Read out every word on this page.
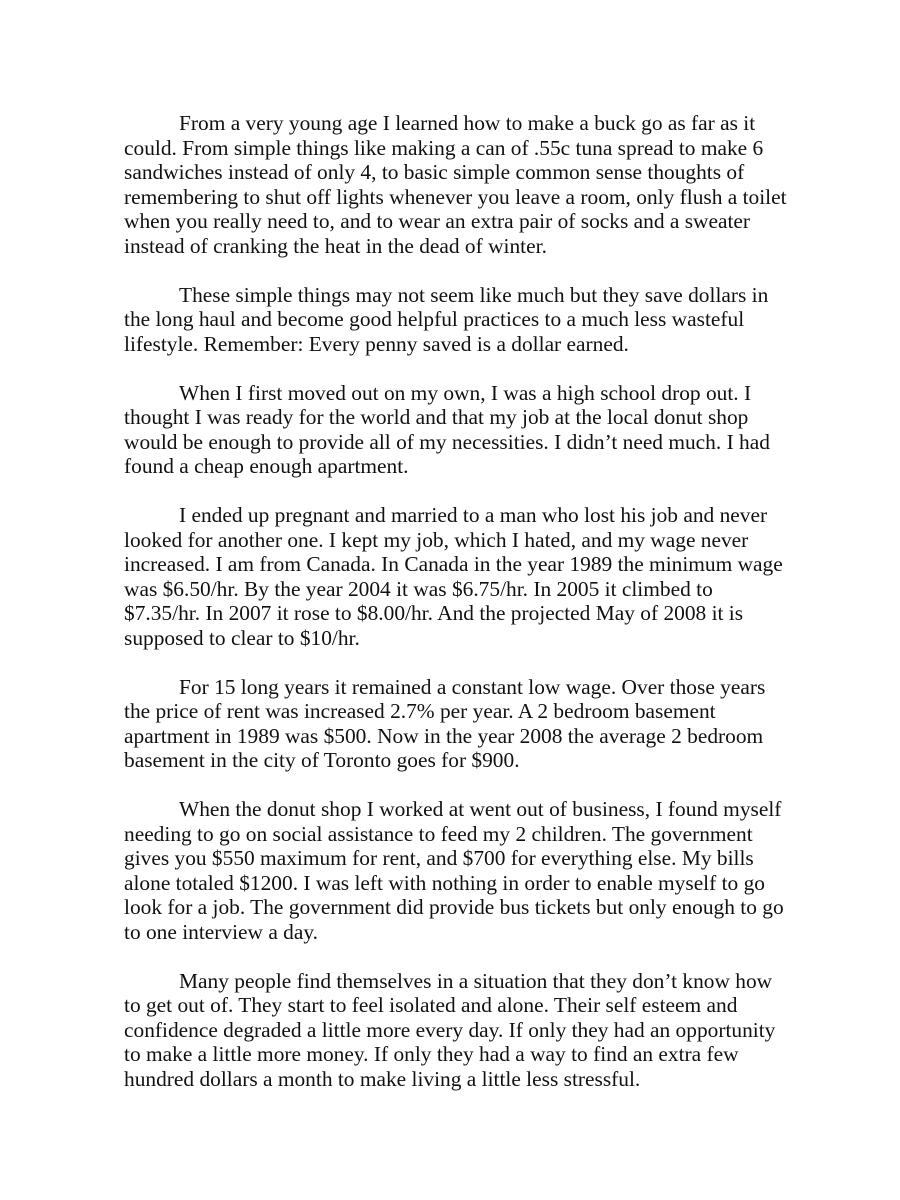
From a very young age I learned how to make a buck go as far as it could. From simple things like making a can of .55c tuna spread to make 6 sandwiches instead of only 4, to basic simple common sense thoughts of remembering to shut off lights whenever you leave a room, only flush a toilet when you really need to, and to wear an extra pair of socks and a sweater instead of cranking the heat in the dead of winter.

These simple things may not seem like much but they save dollars in the long haul and become good helpful practices to a much less wasteful lifestyle. Remember: Every penny saved is a dollar earned.

When I first moved out on my own, I was a high school drop out. I thought I was ready for the world and that my job at the local donut shop would be enough to provide all of my necessities. I didn’t need much. I had found a cheap enough apartment.

I ended up pregnant and married to a man who lost his job and never looked for another one. I kept my job, which I hated, and my wage never increased. I am from Canada. In Canada in the year 1989 the minimum wage was $6.50/hr. By the year 2004 it was $6.75/hr. In 2005 it climbed to $7.35/hr. In 2007 it rose to $8.00/hr. And the projected May of 2008 it is supposed to clear to $10/hr.

For 15 long years it remained a constant low wage. Over those years the price of rent was increased 2.7% per year. A 2 bedroom basement apartment in 1989 was $500. Now in the year 2008 the average 2 bedroom basement in the city of Toronto goes for $900.

When the donut shop I worked at went out of business, I found myself needing to go on social assistance to feed my 2 children. The government gives you $550 maximum for rent, and $700 for everything else. My bills alone totaled $1200. I was left with nothing in order to enable myself to go look for a job. The government did provide bus tickets but only enough to go to one interview a day.

Many people find themselves in a situation that they don’t know how to get out of. They start to feel isolated and alone. Their self esteem and confidence degraded a little more every day. If only they had an opportunity to make a little more money. If only they had a way to find an extra few hundred dollars a month to make living a little less stressful.
